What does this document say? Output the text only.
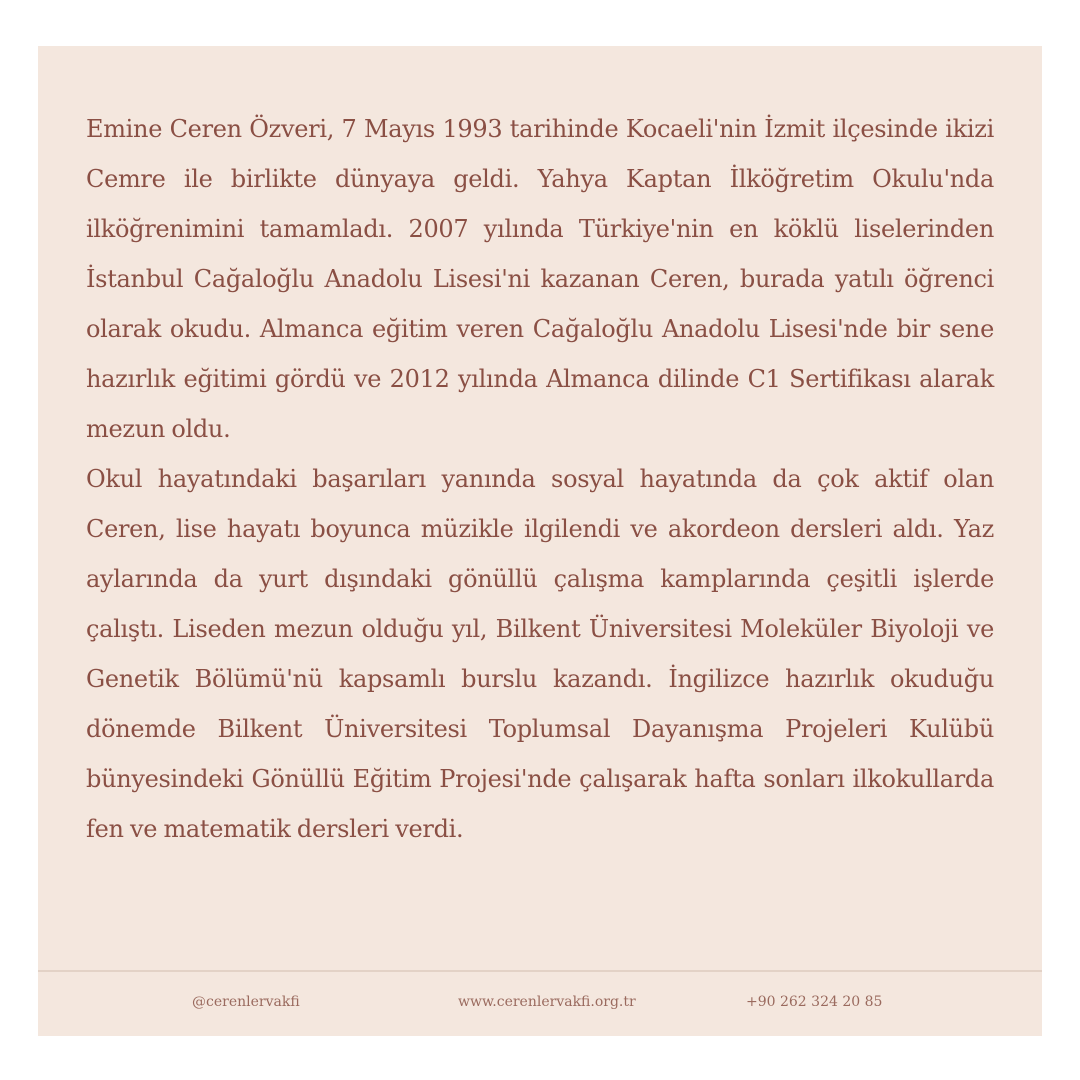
Emine Ceren Özveri, 7 Mayıs 1993 tarihinde Kocaeli'nin İzmit ilçesinde ikizi Cemre ile birlikte dünyaya geldi. Yahya Kaptan İlköğretim Okulu'nda ilköğrenimini tamamladı. 2007 yılında Türkiye'nin en köklü liselerinden İstanbul Cağaloğlu Anadolu Lisesi'ni kazanan Ceren, burada yatılı öğrenci olarak okudu. Almanca eğitim veren Cağaloğlu Anadolu Lisesi'nde bir sene hazırlık eğitimi gördü ve 2012 yılında Almanca dilinde C1 Sertifikası alarak mezun oldu.

Okul hayatındaki başarıları yanında sosyal hayatında da çok aktif olan Ceren, lise hayatı boyunca müzikle ilgilendi ve akordeon dersleri aldı. Yaz aylarında da yurt dışındaki gönüllü çalışma kamplarında çeşitli işlerde çalıştı. Liseden mezun olduğu yıl, Bilkent Üniversitesi Moleküler Biyoloji ve Genetik Bölümü'nü kapsamlı burslu kazandı. İngilizce hazırlık okuduğu dönemde Bilkent Üniversitesi Toplumsal Dayanışma Projeleri Kulübü bünyesindeki Gönüllü Eğitim Projesi'nde çalışarak hafta sonları ilkokullarda fen ve matematik dersleri verdi.

@cerenlervakfi	www.cerenlervakfi.org.tr	+90 262 324 20 85
